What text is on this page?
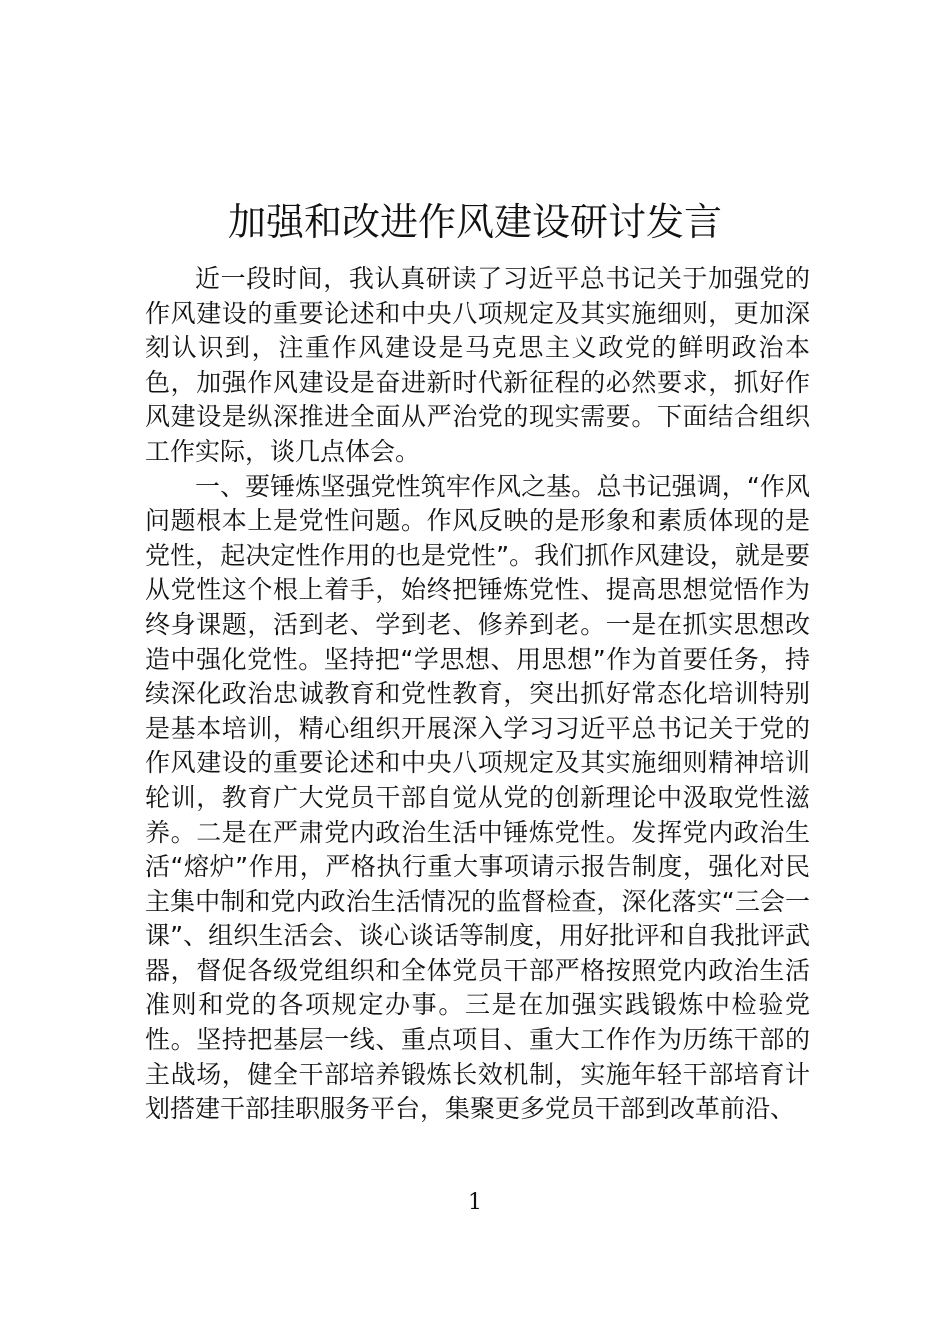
加强和改进作风建设研讨发言

近一段时间，我认真研读了习近平总书记关于加强党的作风建设的重要论述和中央八项规定及其实施细则，更加深刻认识到，注重作风建设是马克思主义政党的鲜明政治本色，加强作风建设是奋进新时代新征程的必然要求，抓好作风建设是纵深推进全面从严治党的现实需要。下面结合组织工作实际，谈几点体会。

一、要锤炼坚强党性筑牢作风之基。总书记强调，“作风问题根本上是党性问题。作风反映的是形象和素质体现的是党性，起决定性作用的也是党性”。我们抓作风建设，就是要从党性这个根上着手，始终把锤炼党性、提高思想觉悟作为终身课题，活到老、学到老、修养到老。一是在抓实思想改造中强化党性。坚持把“学思想、用思想”作为首要任务，持续深化政治忠诚教育和党性教育，突出抓好常态化培训特别是基本培训，精心组织开展深入学习习近平总书记关于党的作风建设的重要论述和中央八项规定及其实施细则精神培训轮训，教育广大党员干部自觉从党的创新理论中汲取党性滋养。二是在严肃党内政治生活中锤炼党性。发挥党内政治生活“熔炉”作用，严格执行重大事项请示报告制度，强化对民主集中制和党内政治生活情况的监督检查，深化落实“三会一课”、组织生活会、谈心谈话等制度，用好批评和自我批评武器，督促各级党组织和全体党员干部严格按照党内政治生活准则和党的各项规定办事。三是在加强实践锻炼中检验党性。坚持把基层一线、重点项目、重大工作作为历练干部的主战场，健全干部培养锻炼长效机制，实施年轻干部培育计划搭建干部挂职服务平台，集聚更多党员干部到改革前沿、

1
